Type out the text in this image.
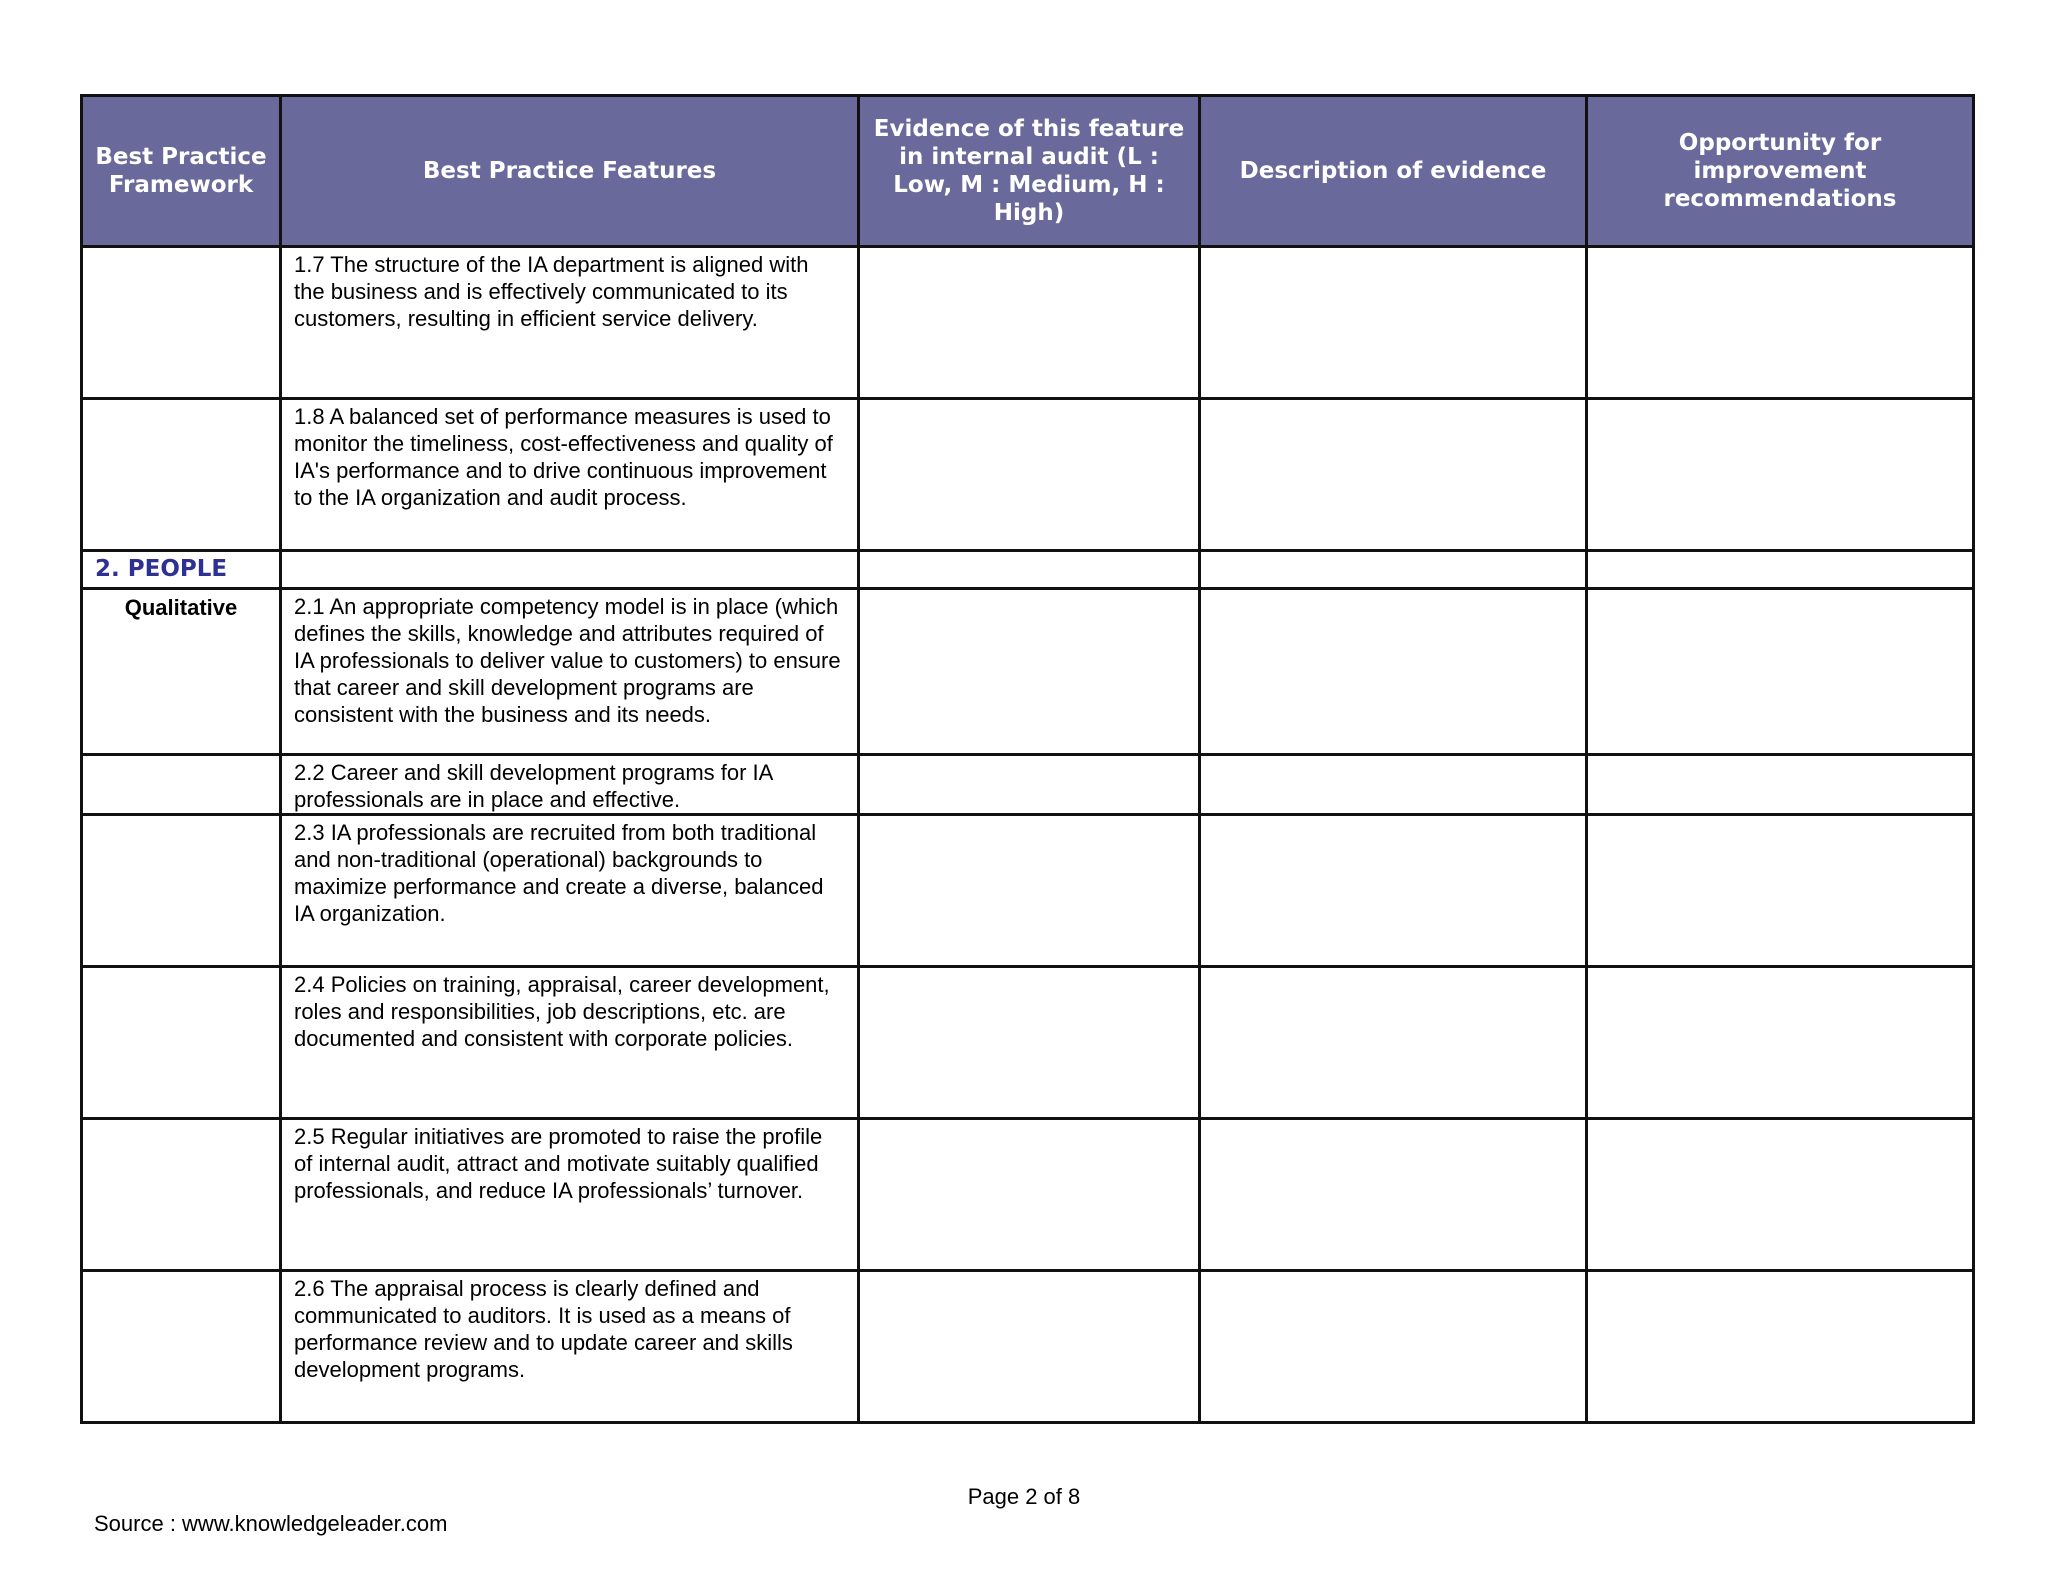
Best Practice Framework	Best Practice Features	Evidence of this feature in internal audit (L : Low, M : Medium, H : High)	Description of evidence	Opportunity for improvement recommendations
	1.7 The structure of the IA department is aligned with the business and is effectively communicated to its customers, resulting in efficient service delivery.			
	1.8 A balanced set of performance measures is used to monitor the timeliness, cost-effectiveness and quality of IA's performance and to drive continuous improvement to the IA organization and audit process.			
2. PEOPLE				
Qualitative	2.1 An appropriate competency model is in place (which defines the skills, knowledge and attributes required of IA professionals to deliver value to customers) to ensure that career and skill development programs are consistent with the business and its needs.			
	2.2 Career and skill development programs for IA professionals are in place and effective.			
	2.3 IA professionals are recruited from both traditional and non-traditional (operational) backgrounds to maximize performance and create a diverse, balanced IA organization.			
	2.4 Policies on training, appraisal, career development, roles and responsibilities, job descriptions, etc. are documented and consistent with corporate policies.			
	2.5 Regular initiatives are promoted to raise the profile of internal audit, attract and motivate suitably qualified professionals, and reduce IA professionals’ turnover.			
	2.6 The appraisal process is clearly defined and communicated to auditors. It is used as a means of performance review and to update career and skills development programs.			
Page 2 of 8
Source : www.knowledgeleader.com
